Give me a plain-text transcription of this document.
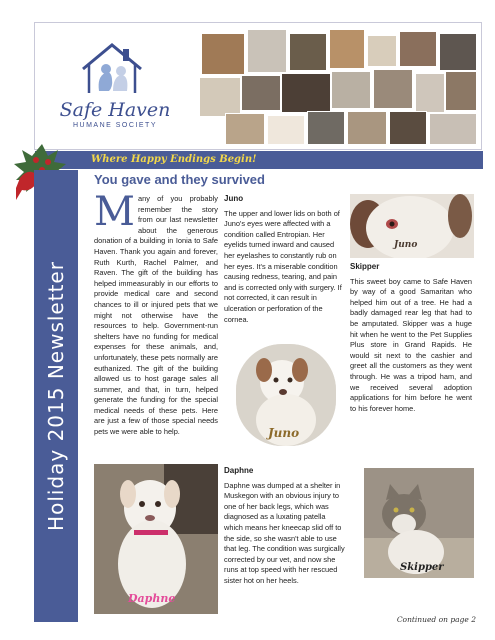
Safe Haven
HUMANE SOCIETY
Where Happy Endings Begin!
Holiday 2015 Newsletter
You gave and they survived
M any of you probably remember the story from our last newsletter about the generous donation of a building in Ionia to Safe Haven. Thank you again and forever, Ruth Kurth, Rachel Palmer, and Raven. The gift of the building has helped immeasurably in our efforts to provide medical care and second chances to ill or injured pets that we might not otherwise have the resources to help. Government-run shelters have no funding for medical expenses for these animals, and, unfortunately, these pets normally are euthanized. The gift of the building allowed us to host garage sales all summer, and that, in turn, helped generate the funding for the special medical needs of these pets. Here are just a few of those special needs pets we were able to help.
Daphne
Juno

The upper and lower lids on both of Juno's eyes were affected with a condition called Entropian. Her eyelids turned inward and caused her eyelashes to constantly rub on her eyes. It's a miserable condition causing redness, tearing, and pain and is corrected only with surgery. If not corrected, it can result in ulceration or perforation of the cornea.

Juno
Daphne

Daphne was dumped at a shelter in Muskegon with an obvious injury to one of her back legs, which was diagnosed as a luxating patella which means her kneecap slid off to the side, so she wasn't able to use that leg. The condition was surgically corrected by our vet, and now she runs at top speed with her rescued sister hot on her heels.

Juno
Skipper

This sweet boy came to Safe Haven by way of a good Samaritan who helped him out of a tree. He had a badly damaged rear leg that had to be amputated. Skipper was a huge hit when he went to the Pet Supplies Plus store in Grand Rapids. He would sit next to the cashier and greet all the customers as they went through. He was a tripod ham, and we received several adoption applications for him before he went to his forever home.

Skipper
Continued on page 2
